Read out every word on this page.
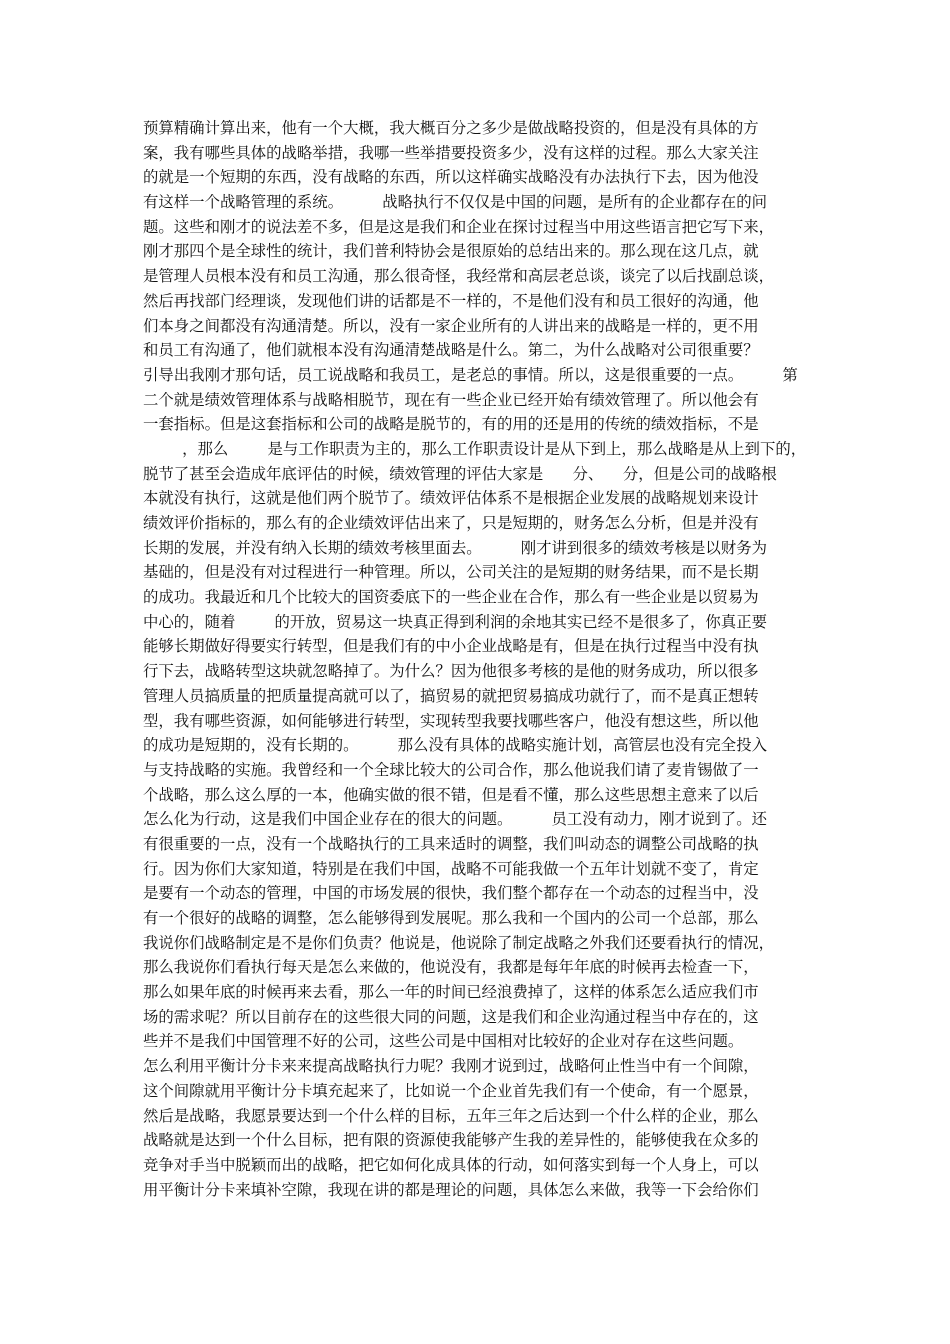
预算精确计算出来，他有一个大概，我大概百分之多少是做战略投资的，但是没有具体的方
案，我有哪些具体的战略举措，我哪一些举措要投资多少，没有这样的过程。那么大家关注
的就是一个短期的东西，没有战略的东西，所以这样确实战略没有办法执行下去，因为他没
有这样一个战略管理的系统。        战略执行不仅仅是中国的问题，是所有的企业都存在的问
题。这些和刚才的说法差不多，但是这是我们和企业在探讨过程当中用这些语言把它写下来，
刚才那四个是全球性的统计，我们普利特协会是很原始的总结出来的。那么现在这几点，就
是管理人员根本没有和员工沟通，那么很奇怪，我经常和高层老总谈，谈完了以后找副总谈，
然后再找部门经理谈，发现他们讲的话都是不一样的，不是他们没有和员工很好的沟通，他
们本身之间都没有沟通清楚。所以，没有一家企业所有的人讲出来的战略是一样的，更不用
和员工有沟通了，他们就根本没有沟通清楚战略是什么。第二，为什么战略对公司很重要？
引导出我刚才那句话，员工说战略和我员工，是老总的事情。所以，这是很重要的一点。        第
二个就是绩效管理体系与战略相脱节，现在有一些企业已经开始有绩效管理了。所以他会有
一套指标。但是这套指标和公司的战略是脱节的，有的用的还是用的传统的绩效指标，不是
，那么        是与工作职责为主的，那么工作职责设计是从下到上，那么战略是从上到下的，
脱节了甚至会造成年底评估的时候，绩效管理的评估大家是      分、    分，但是公司的战略根
本就没有执行，这就是他们两个脱节了。绩效评估体系不是根据企业发展的战略规划来设计
绩效评价指标的，那么有的企业绩效评估出来了，只是短期的，财务怎么分析，但是并没有
长期的发展，并没有纳入长期的绩效考核里面去。        刚才讲到很多的绩效考核是以财务为
基础的，但是没有对过程进行一种管理。所以，公司关注的是短期的财务结果，而不是长期
的成功。我最近和几个比较大的国资委底下的一些企业在合作，那么有一些企业是以贸易为
中心的，随着        的开放，贸易这一块真正得到利润的余地其实已经不是很多了，你真正要
能够长期做好得要实行转型，但是我们有的中小企业战略是有，但是在执行过程当中没有执
行下去，战略转型这块就忽略掉了。为什么？因为他很多考核的是他的财务成功，所以很多
管理人员搞质量的把质量提高就可以了，搞贸易的就把贸易搞成功就行了，而不是真正想转
型，我有哪些资源，如何能够进行转型，实现转型我要找哪些客户，他没有想这些，所以他
的成功是短期的，没有长期的。        那么没有具体的战略实施计划，高管层也没有完全投入
与支持战略的实施。我曾经和一个全球比较大的公司合作，那么他说我们请了麦肯锡做了一
个战略，那么这么厚的一本，他确实做的很不错，但是看不懂，那么这些思想主意来了以后
怎么化为行动，这是我们中国企业存在的很大的问题。        员工没有动力，刚才说到了。还
有很重要的一点，没有一个战略执行的工具来适时的调整，我们叫动态的调整公司战略的执
行。因为你们大家知道，特别是在我们中国，战略不可能我做一个五年计划就不变了，肯定
是要有一个动态的管理，中国的市场发展的很快，我们整个都存在一个动态的过程当中，没
有一个很好的战略的调整，怎么能够得到发展呢。那么我和一个国内的公司一个总部，那么
我说你们战略制定是不是你们负责？他说是，他说除了制定战略之外我们还要看执行的情况，
那么我说你们看执行每天是怎么来做的，他说没有，我都是每年年底的时候再去检查一下，
那么如果年底的时候再来去看，那么一年的时间已经浪费掉了，这样的体系怎么适应我们市
场的需求呢？所以目前存在的这些很大同的问题，这是我们和企业沟通过程当中存在的，这
些并不是我们中国管理不好的公司，这些公司是中国相对比较好的企业对存在这些问题。
怎么利用平衡计分卡来来提高战略执行力呢？我刚才说到过，战略何止性当中有一个间隙，
这个间隙就用平衡计分卡填充起来了，比如说一个企业首先我们有一个使命，有一个愿景，
然后是战略，我愿景要达到一个什么样的目标，五年三年之后达到一个什么样的企业，那么
战略就是达到一个什么目标，把有限的资源使我能够产生我的差异性的，能够使我在众多的
竞争对手当中脱颖而出的战略，把它如何化成具体的行动，如何落实到每一个人身上，可以
用平衡计分卡来填补空隙，我现在讲的都是理论的问题，具体怎么来做，我等一下会给你们
